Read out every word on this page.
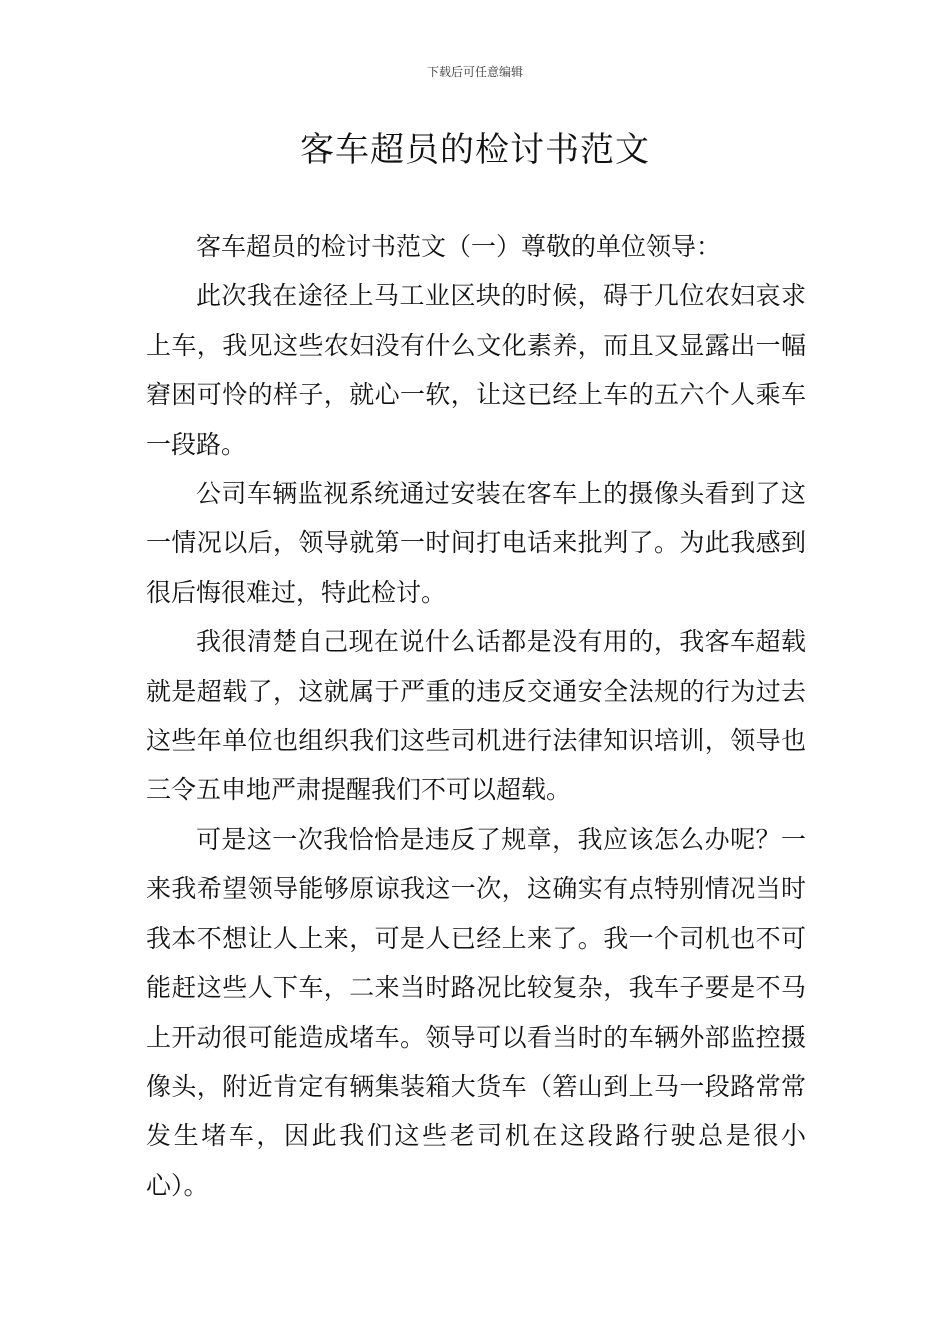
下载后可任意编辑
客车超员的检讨书范文

客车超员的检讨书范文（一）尊敬的单位领导：

此次我在途径上马工业区块的时候，碍于几位农妇哀求上车，我见这些农妇没有什么文化素养，而且又显露出一幅窘困可怜的样子，就心一软，让这已经上车的五六个人乘车一段路。

公司车辆监视系统通过安装在客车上的摄像头看到了这一情况以后，领导就第一时间打电话来批判了。为此我感到很后悔很难过，特此检讨。

我很清楚自己现在说什么话都是没有用的，我客车超载就是超载了，这就属于严重的违反交通安全法规的行为过去这些年单位也组织我们这些司机进行法律知识培训，领导也三令五申地严肃提醒我们不可以超载。

可是这一次我恰恰是违反了规章，我应该怎么办呢？一来我希望领导能够原谅我这一次，这确实有点特别情况当时我本不想让人上来，可是人已经上来了。我一个司机也不可能赶这些人下车，二来当时路况比较复杂，我车子要是不马上开动很可能造成堵车。领导可以看当时的车辆外部监控摄像头，附近肯定有辆集装箱大货车（箬山到上马一段路常常发生堵车，因此我们这些老司机在这段路行驶总是很小心）。
